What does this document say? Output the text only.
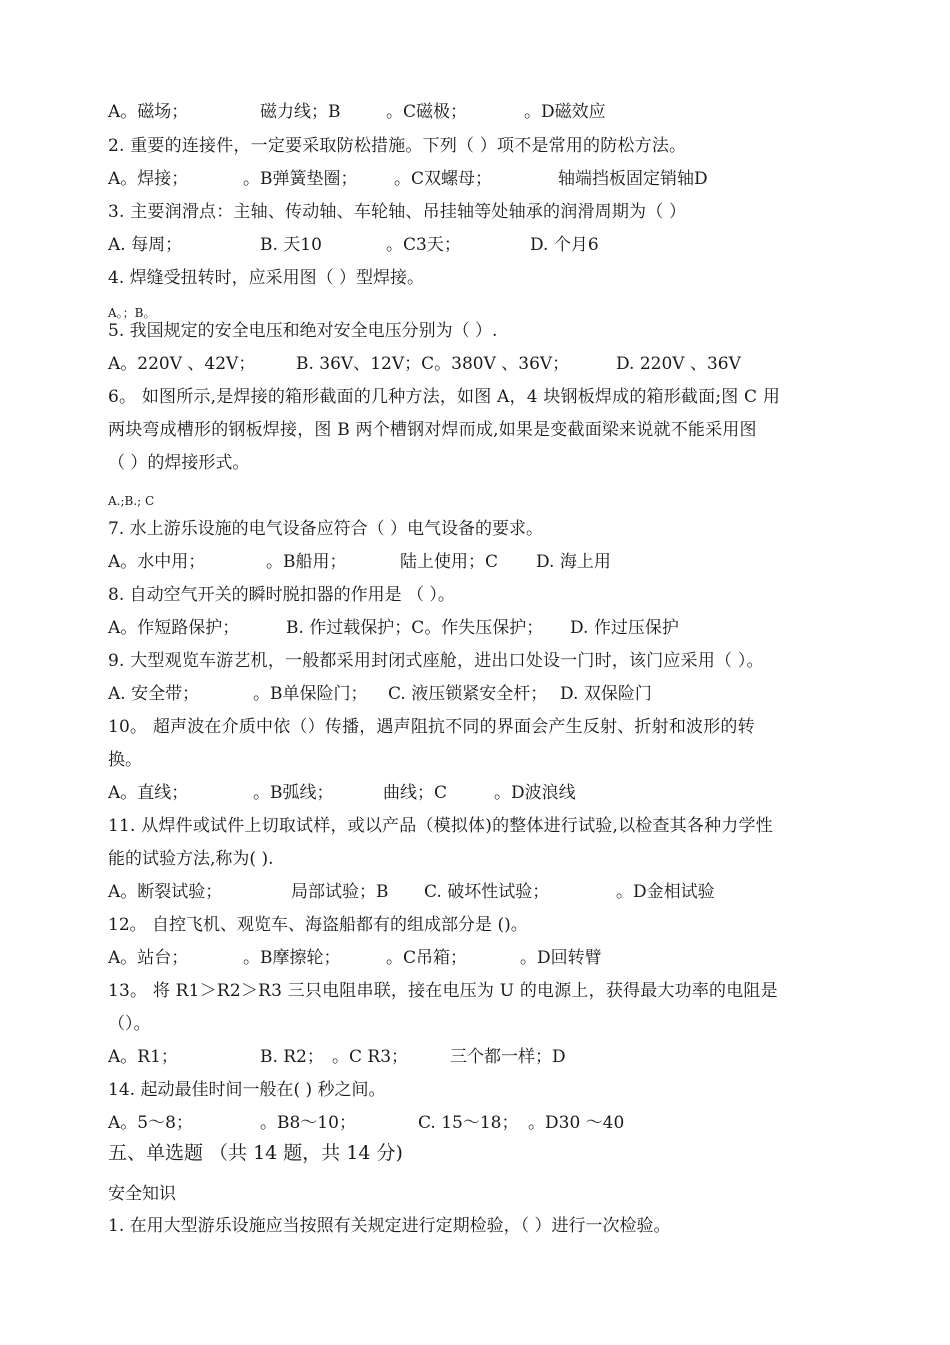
A。磁场；	磁力线；B	。C磁极；	。D磁效应
2. 重要的连接件，一定要采取防松措施。下列（ ）项不是常用的防松方法。
A。焊接；	。B弹簧垫圈； 。C双螺母；	轴端挡板固定销轴D
3. 主要润滑点：主轴、传动轴、车轮轴、吊挂轴等处轴承的润滑周期为（ ）
A. 每周；	B. 天10	。C3天；	D. 个月6
4. 焊缝受扭转时，应采用图（ ）型焊接。
A。；B。
5. 我国规定的安全电压和绝对安全电压分别为（ ）.
A。220V 、42V； B. 36V、12V；C。380V 、36V；	D. 220V 、36V
6。 如图所示,是焊接的箱形截面的几种方法，如图 A，4 块钢板焊成的箱形截面;图 C 用
两块弯成槽形的钢板焊接，图 B 两个槽钢对焊而成,如果是变截面梁来说就不能采用图
（ ）的焊接形式。
A.;B.; C
7. 水上游乐设施的电气设备应符合（ ）电气设备的要求。
A。水中用；	。B船用；	陆上使用；C D. 海上用
8. 自动空气开关的瞬时脱扣器的作用是 （ ）。
A。作短路保护；	B. 作过载保护；C。作失压保护； D. 作过压保护
9. 大型观览车游艺机，一般都采用封闭式座舱，进出口处设一门时，该门应采用（ ）。
A. 安全带；	。B单保险门； C. 液压锁紧安全杆； D. 双保险门
10。 超声波在介质中依（）传播，遇声阻抗不同的界面会产生反射、折射和波形的转
换。
A。直线；	。B弧线；	曲线；C	。D波浪线
11. 从焊件或试件上切取试样，或以产品（模拟体)的整体进行试验,以检查其各种力学性
能的试验方法,称为( ).
A。断裂试验；	局部试验；B C. 破坏性试验；	。D金相试验
12。 自控飞机、观览车、海盗船都有的组成部分是 ()。
A。站台；	。B摩擦轮；	。C吊箱；	。D回转臂
13。 将 R1＞R2＞R3 三只电阻串联，接在电压为 U 的电源上，获得最大功率的电阻是
（）。
A。R1；	B. R2； 。C R3； 三个都一样；D
14. 起动最佳时间一般在( ) 秒之间。
A。5～8；	。B8～10；	C. 15～18； 。D30 ～40
五、单选题 （共 14 题，共 14 分)
安全知识
1. 在用大型游乐设施应当按照有关规定进行定期检验，（ ）进行一次检验。
